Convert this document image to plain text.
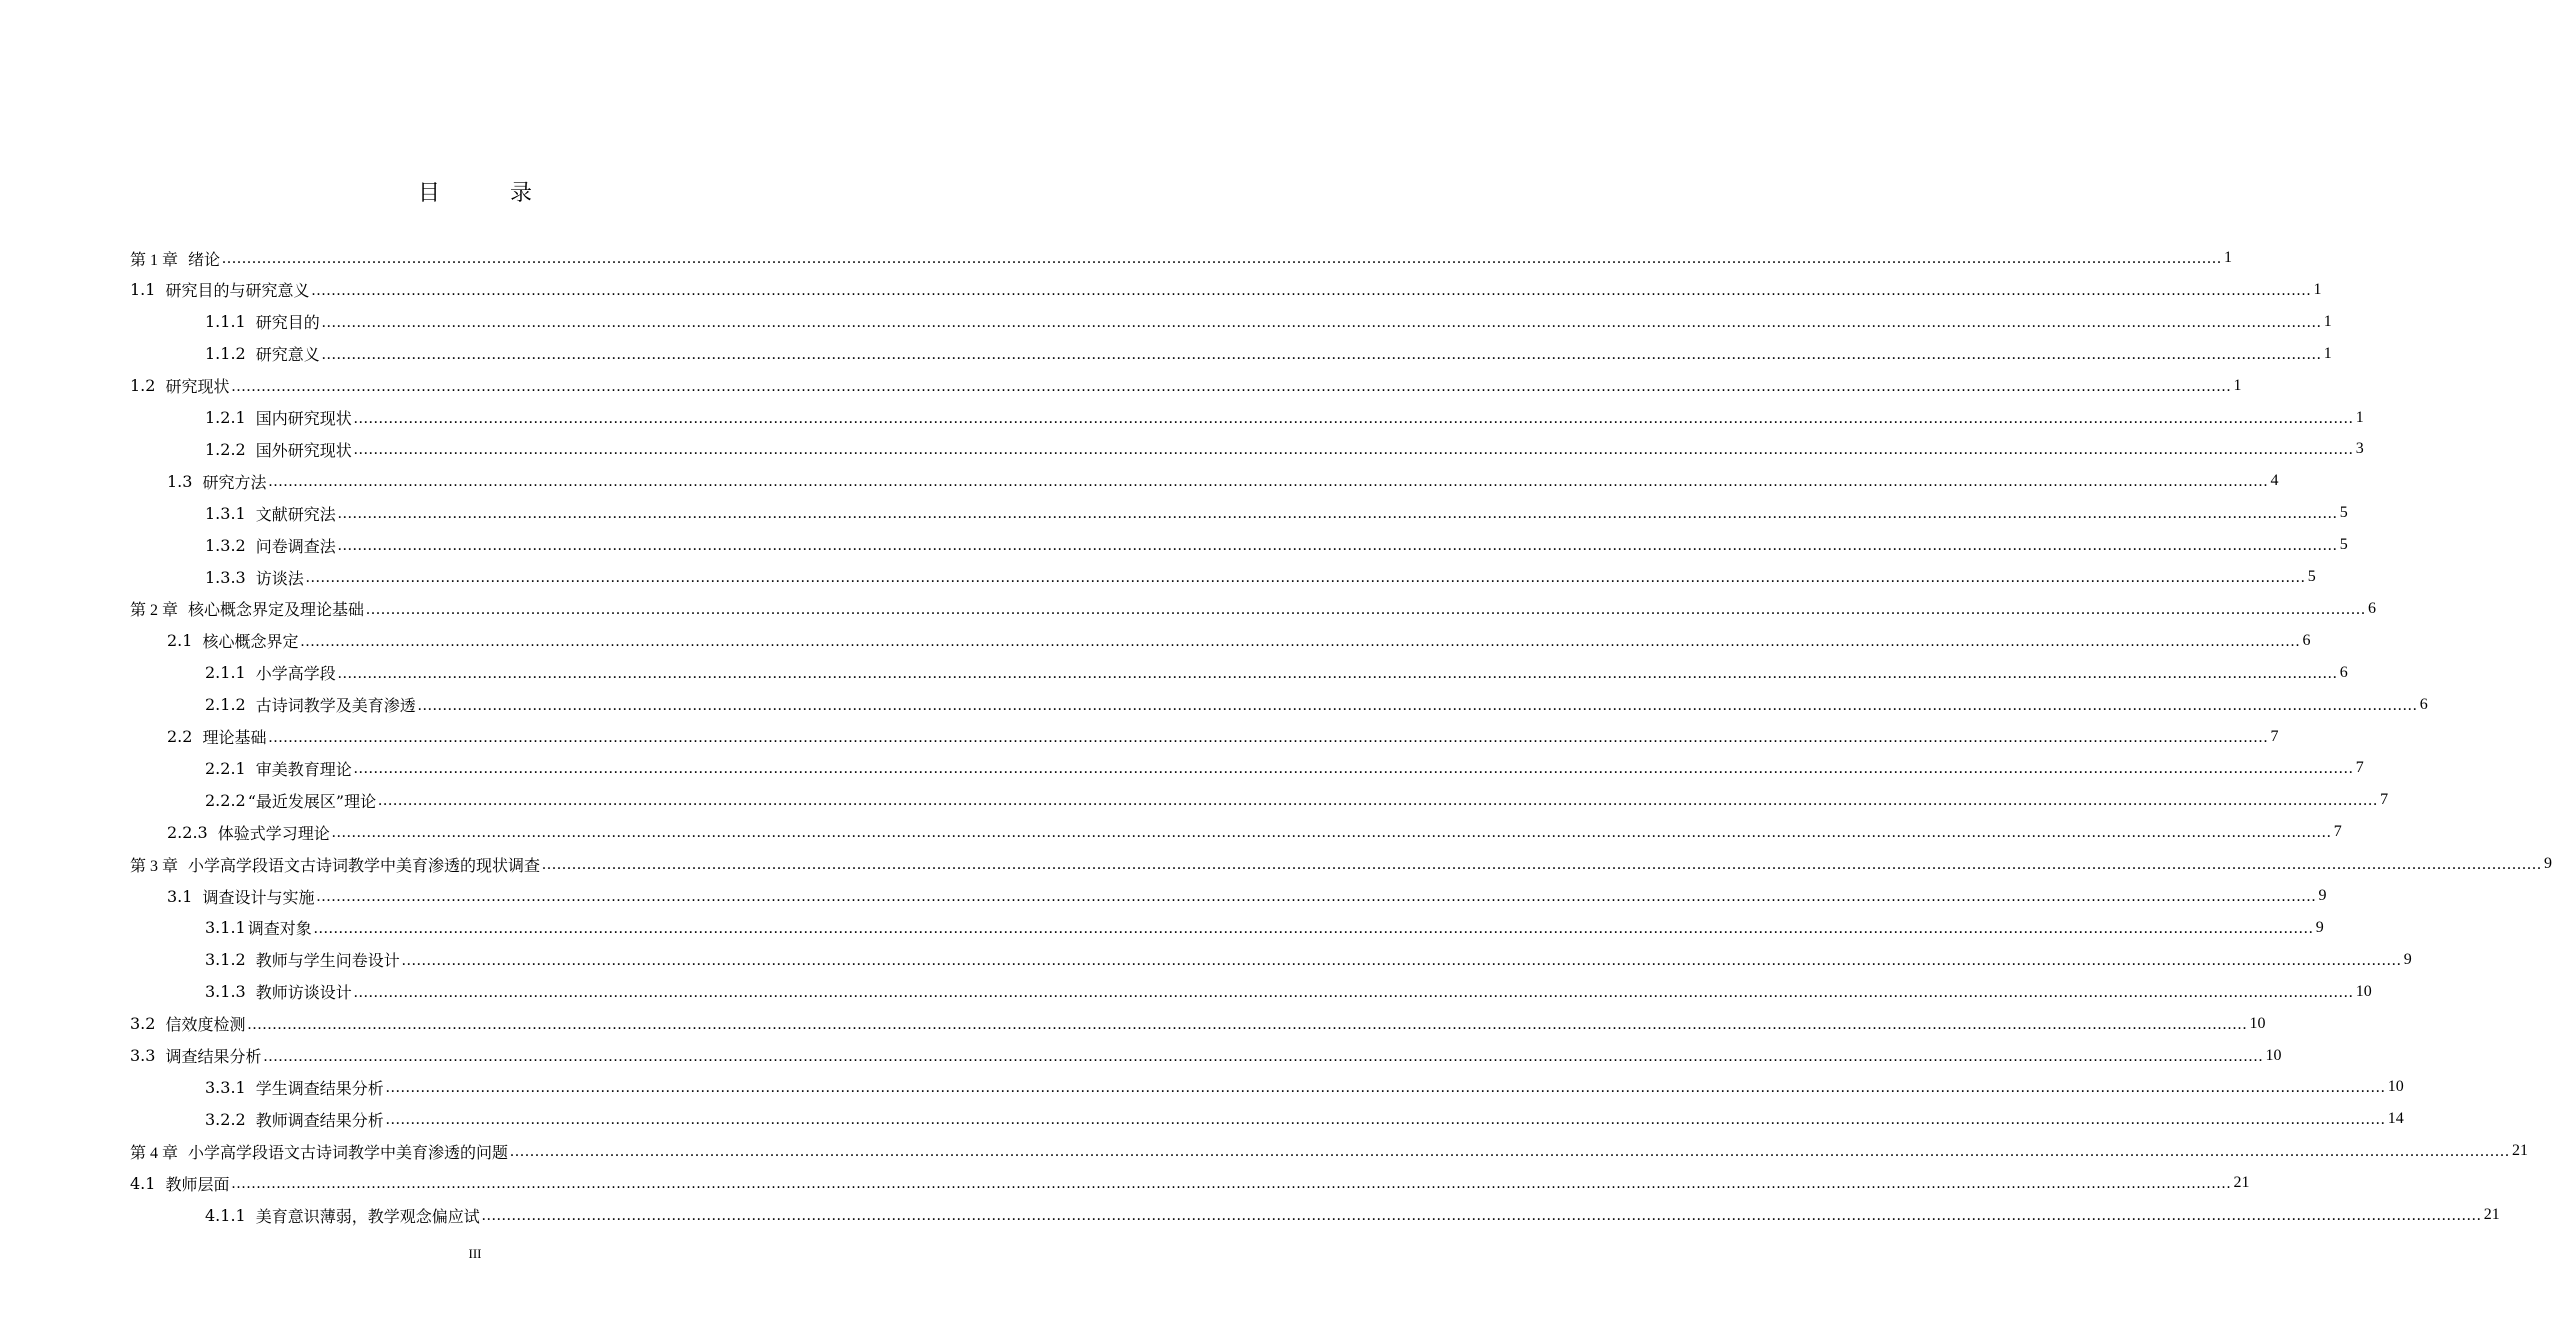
目　录
第 1 章 绪论 ................................................................................................................................................................................................................................................................................................................................................................................................................ 1
1.1 研究目的与研究意义 ................................................................................................................................................................................................................................................................................................................................................................................................................ 1
1.1.1 研究目的 ................................................................................................................................................................................................................................................................................................................................................................................................................ 1
1.1.2 研究意义 ................................................................................................................................................................................................................................................................................................................................................................................................................ 1
1.2 研究现状 ................................................................................................................................................................................................................................................................................................................................................................................................................ 1
1.2.1 国内研究现状 ................................................................................................................................................................................................................................................................................................................................................................................................................ 1
1.2.2 国外研究现状 ................................................................................................................................................................................................................................................................................................................................................................................................................ 3
1.3 研究方法 ................................................................................................................................................................................................................................................................................................................................................................................................................ 4
1.3.1 文献研究法 ................................................................................................................................................................................................................................................................................................................................................................................................................ 5
1.3.2 问卷调查法 ................................................................................................................................................................................................................................................................................................................................................................................................................ 5
1.3.3 访谈法 ................................................................................................................................................................................................................................................................................................................................................................................................................ 5
第 2 章 核心概念界定及理论基础 ................................................................................................................................................................................................................................................................................................................................................................................................................ 6
2.1 核心概念界定 ................................................................................................................................................................................................................................................................................................................................................................................................................ 6
2.1.1 小学高学段 ................................................................................................................................................................................................................................................................................................................................................................................................................ 6
2.1.2 古诗词教学及美育渗透 ................................................................................................................................................................................................................................................................................................................................................................................................................ 6
2.2 理论基础 ................................................................................................................................................................................................................................................................................................................................................................................................................ 7
2.2.1 审美教育理论 ................................................................................................................................................................................................................................................................................................................................................................................................................ 7
2.2.2 “最近发展区”理论 ................................................................................................................................................................................................................................................................................................................................................................................................................ 7
2.2.3 体验式学习理论 ................................................................................................................................................................................................................................................................................................................................................................................................................ 7
第 3 章 小学高学段语文古诗词教学中美育渗透的现状调查 ................................................................................................................................................................................................................................................................................................................................................................................................................ 9
3.1 调查设计与实施 ................................................................................................................................................................................................................................................................................................................................................................................................................ 9
3.1.1 调查对象 ................................................................................................................................................................................................................................................................................................................................................................................................................ 9
3.1.2 教师与学生问卷设计 ................................................................................................................................................................................................................................................................................................................................................................................................................ 9
3.1.3 教师访谈设计 ................................................................................................................................................................................................................................................................................................................................................................................................................ 10
3.2 信效度检测 ................................................................................................................................................................................................................................................................................................................................................................................................................ 10
3.3 调查结果分析 ................................................................................................................................................................................................................................................................................................................................................................................................................ 10
3.3.1 学生调查结果分析 ................................................................................................................................................................................................................................................................................................................................................................................................................ 10
3.2.2 教师调查结果分析 ................................................................................................................................................................................................................................................................................................................................................................................................................ 14
第 4 章 小学高学段语文古诗词教学中美育渗透的问题 ................................................................................................................................................................................................................................................................................................................................................................................................................ 21
4.1 教师层面 ................................................................................................................................................................................................................................................................................................................................................................................................................ 21
4.1.1 美育意识薄弱，教学观念偏应试 ................................................................................................................................................................................................................................................................................................................................................................................................................ 21
III
